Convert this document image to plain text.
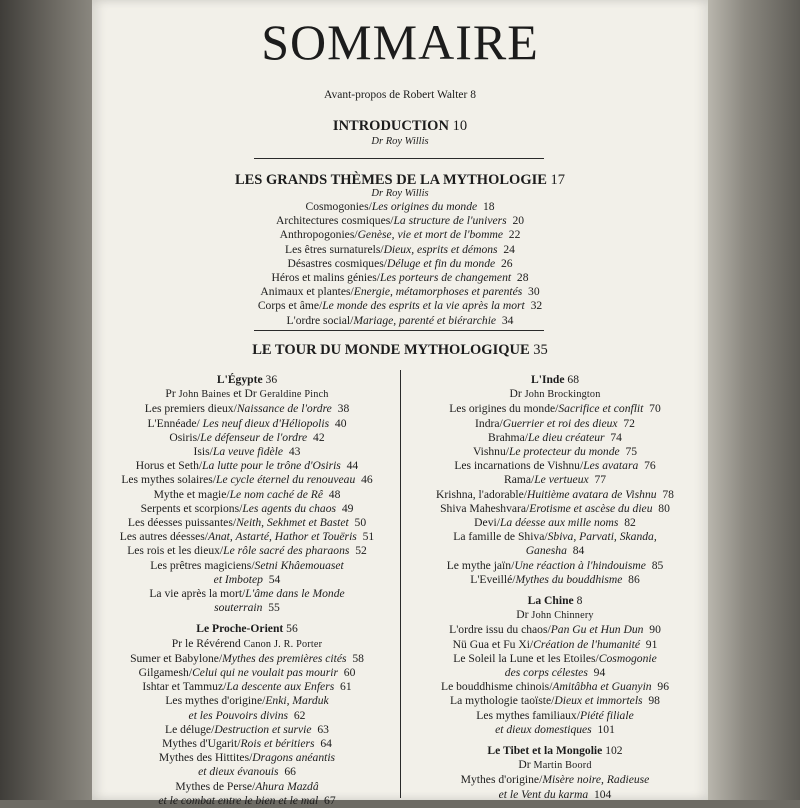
SOMMAIRE
Avant-propos de Robert Walter 8
INTRODUCTION 10
Dr Roy Willis
LES GRANDS THÈMES DE LA MYTHOLOGIE 17
Dr Roy Willis
Cosmogonies/Les origines du monde 18
Architectures cosmiques/La structure de l'univers 20
Anthropogonies/Genèse, vie et mort de l'bomme 22
Les êtres surnaturels/Dieux, esprits et démons 24
Désastres cosmiques/Déluge et fin du monde 26
Héros et malins génies/Les porteurs de changement 28
Animaux et plantes/Energie, métamorphoses et parentés 30
Corps et âme/Le monde des esprits et la vie après la mort 32
L'ordre social/Mariage, parenté et biérarchie 34
LE TOUR DU MONDE MYTHOLOGIQUE 35
L'Égypte 36
Pr John Baines et Dr Geraldine Pinch
Les premiers dieux/Naissance de l'ordre 38
L'Ennéade/ Les neuf dieux d'Héliopolis 40
Osiris/Le défenseur de l'ordre 42
Isis/La veuve fidèle 43
Horus et Seth/La lutte pour le trône d'Osiris 44
Les mythes solaires/Le cycle éternel du renouveau 46
Mythe et magie/Le nom caché de Rê 48
Serpents et scorpions/Les agents du chaos 49
Les déesses puissantes/Neith, Sekhmet et Bastet 50
Les autres déesses/Anat, Astarté, Hathor et Touëris 51
Les rois et les dieux/Le rôle sacré des pharaons 52
Les prêtres magiciens/Setni Khâemouaset
et Imbotep 54
La vie après la mort/L'âme dans le Monde
souterrain 55
Le Proche-Orient 56
Pr le Révérend Canon J. R. Porter
Sumer et Babylone/Mythes des premières cités 58
Gilgamesh/Celui qui ne voulait pas mourir 60
Ishtar et Tammuz/La descente aux Enfers 61
Les mythes d'origine/Enki, Marduk
et les Pouvoirs divins 62
Le déluge/Destruction et survie 63
Mythes d'Ugarit/Rois et béritiers 64
Mythes des Hittites/Dragons anéantis
et dieux évanouis 66
Mythes de Perse/Ahura Mazdâ
et le combat entre le bien et le mal 67
L'Inde 68
Dr John Brockington
Les origines du monde/Sacrifice et conflit 70
Indra/Guerrier et roi des dieux 72
Brahma/Le dieu créateur 74
Vishnu/Le protecteur du monde 75
Les incarnations de Vishnu/Les avatara 76
Rama/Le vertueux 77
Krishna, l'adorable/Huitième avatara de Vishnu 78
Shiva Maheshvara/Erotisme et ascèse du dieu 80
Devi/La déesse aux mille noms 82
La famille de Shiva/Sbiva, Parvati, Skanda,
Ganesha 84
Le mythe jaïn/Une réaction à l'hindouisme 85
L'Eveillé/Mythes du bouddhisme 86
La Chine 8
Dr John Chinnery
L'ordre issu du chaos/Pan Gu et Hun Dun 90
Nü Gua et Fu Xi/Création de l'humanité 91
Le Soleil la Lune et les Etoiles/Cosmogonie
des corps célestes 94
Le bouddhisme chinois/Amitâbha et Guanyin 96
La mythologie taoïste/Dieux et immortels 98
Les mythes familiaux/Piété filiale
et dieux domestiques 101
Le Tibet et la Mongolie 102
Dr Martin Boord
Mythes d'origine/Misère noire, Radieuse
et le Vent du karma 104
